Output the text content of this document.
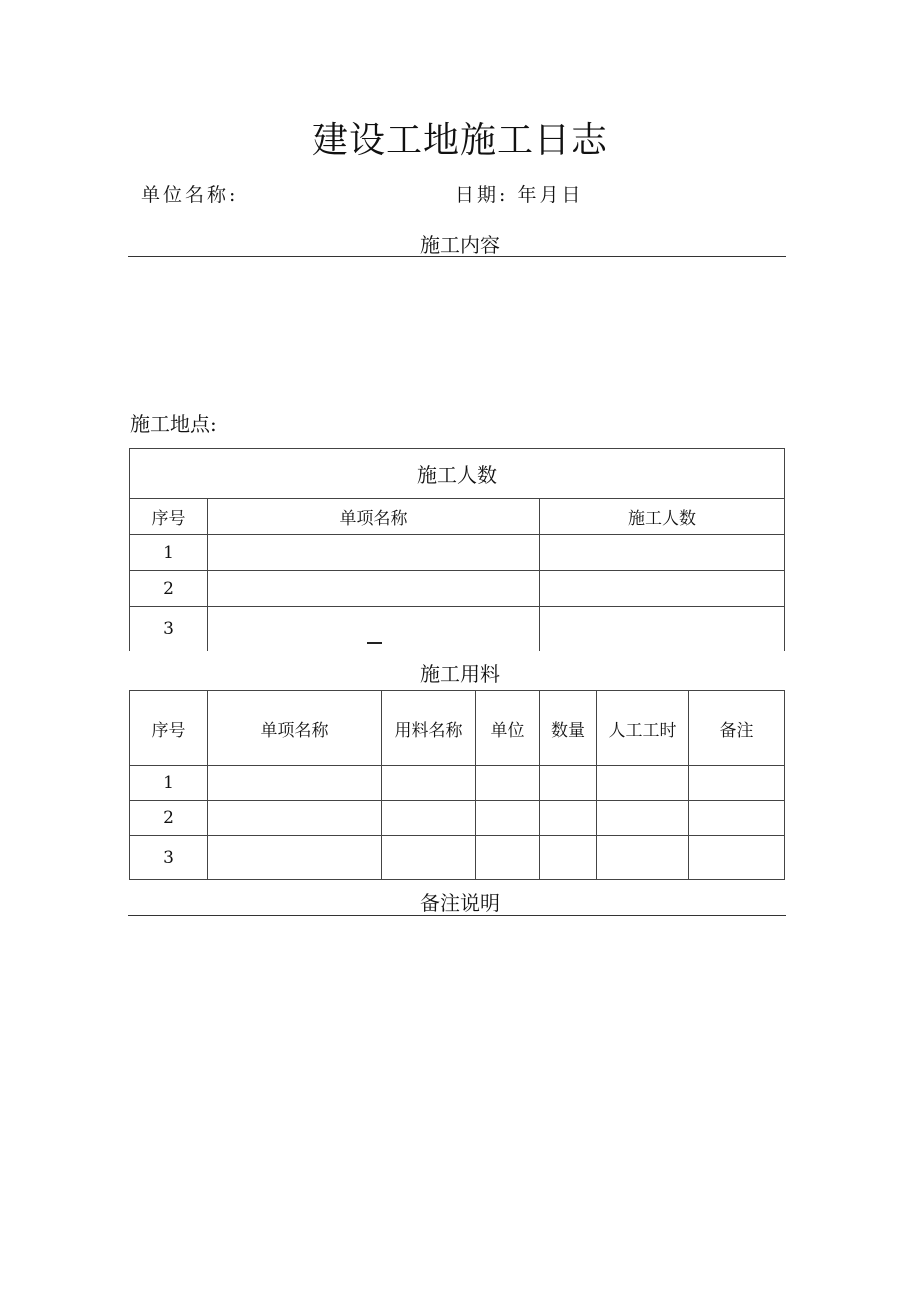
建设工地施工日志
单位名称:	日期: 年月日
施工内容
施工地点:
施工人数		
序号	单项名称	施工人数
1		
2		
3		
施工用料
序号	单项名称	用料名称	单位	数量	人工工时	备注
1						
2						
3						
备注说明
